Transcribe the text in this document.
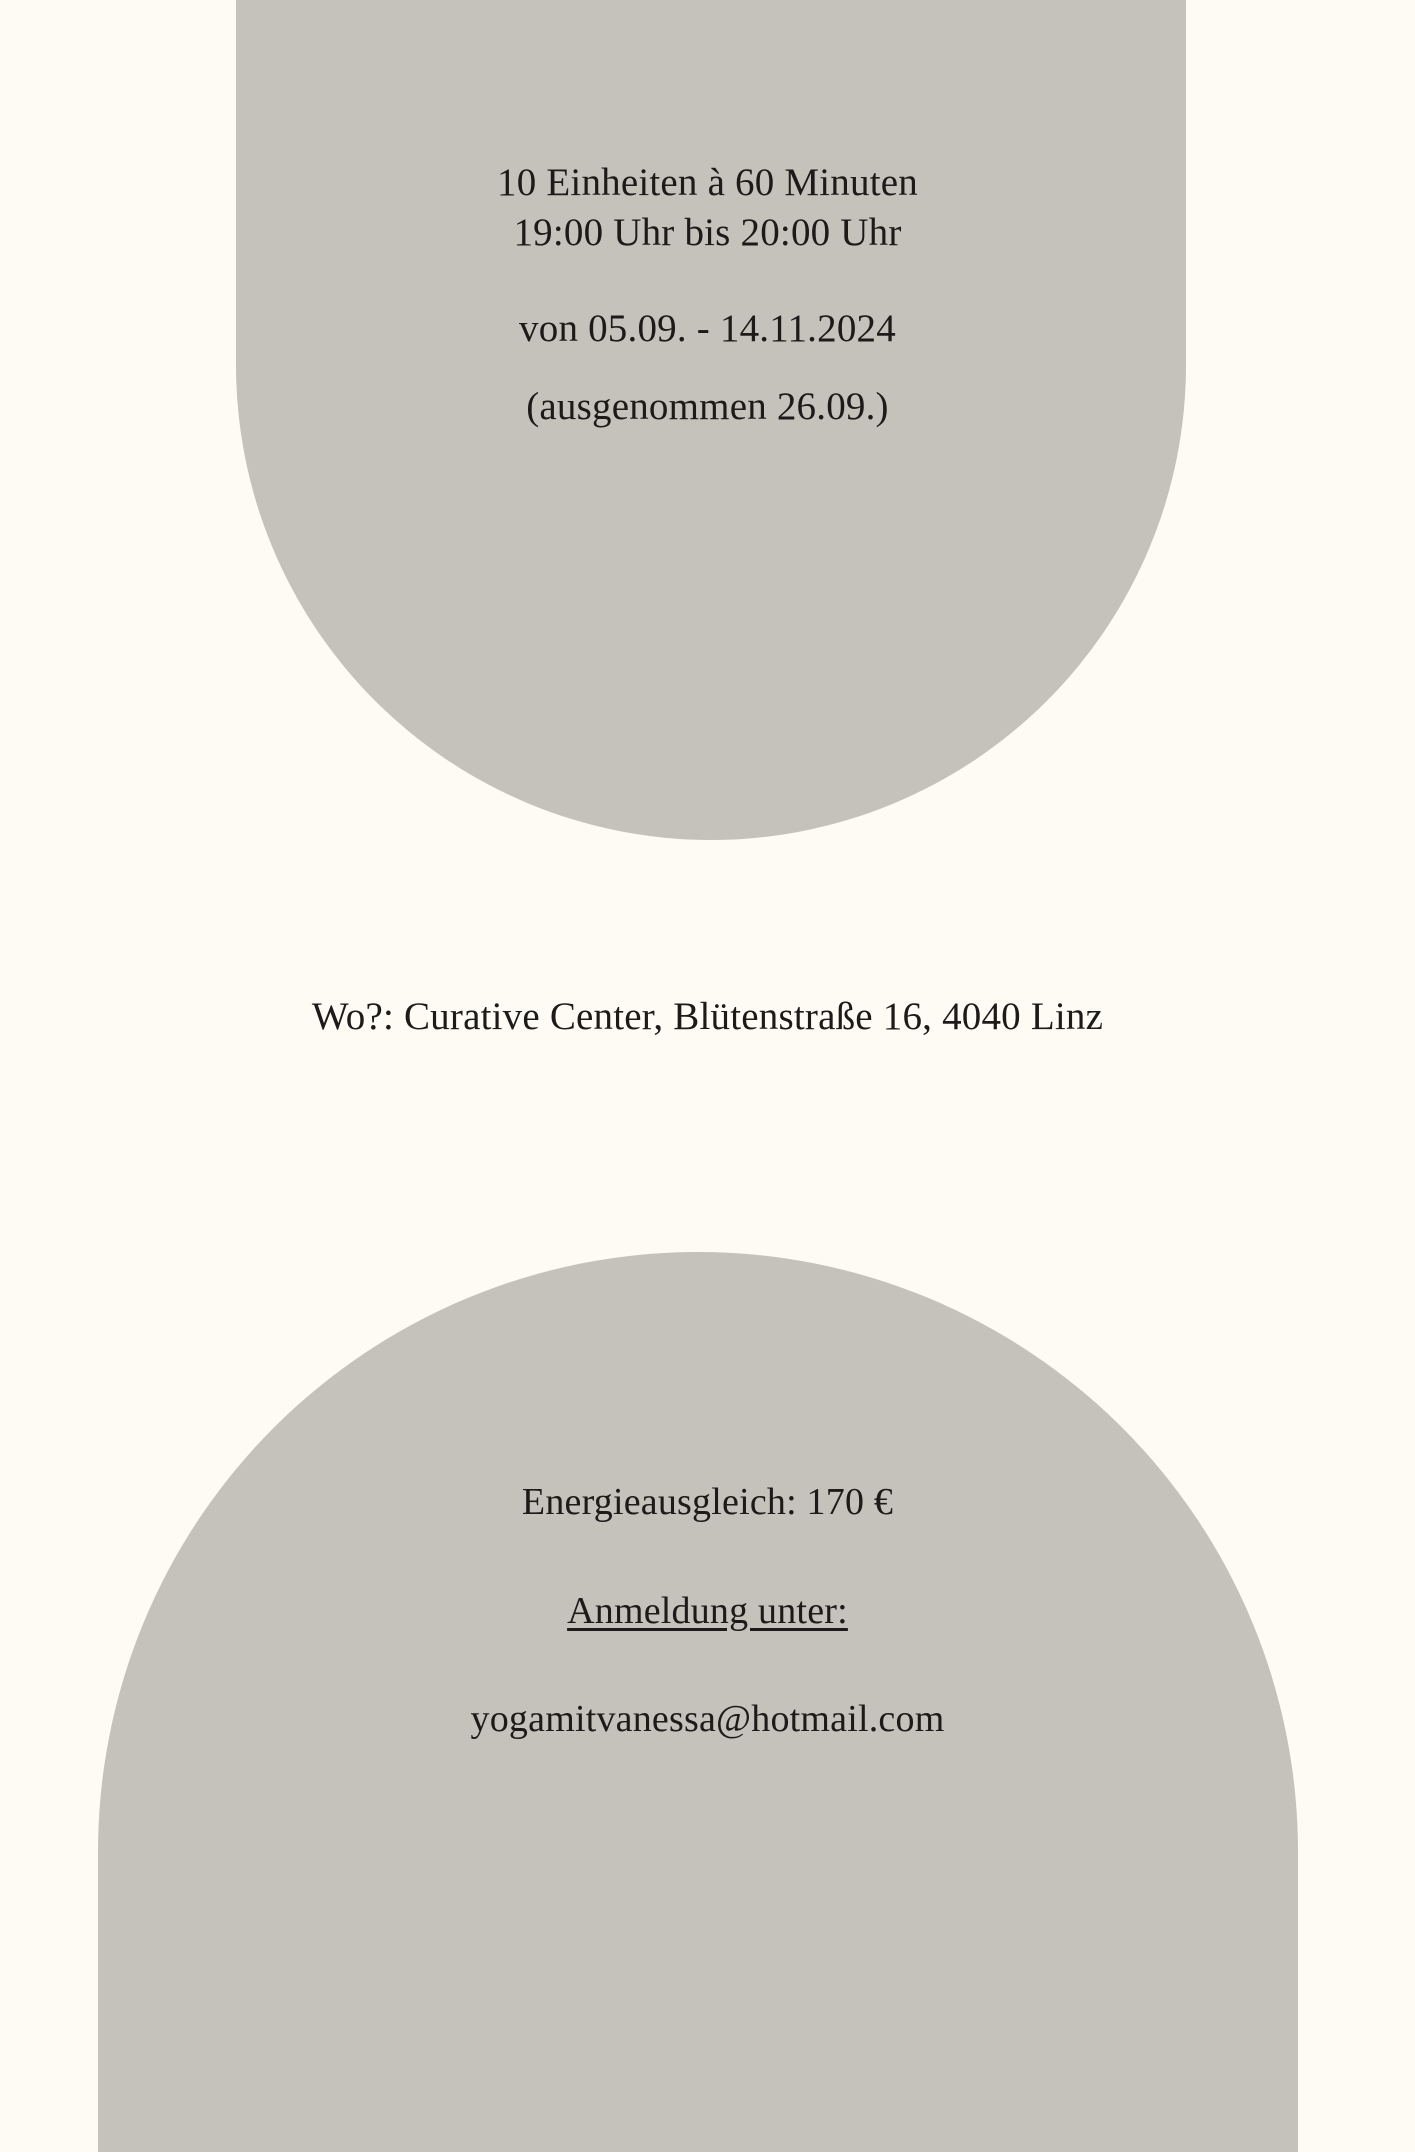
10 Einheiten à 60 Minuten
19:00 Uhr bis 20:00 Uhr
von 05.09. - 14.11.2024
(ausgenommen 26.09.)
Wo?: Curative Center, Blütenstraße 16, 4040 Linz
Energieausgleich: 170 €
Anmeldung unter:
yogamitvanessa@hotmail.com
